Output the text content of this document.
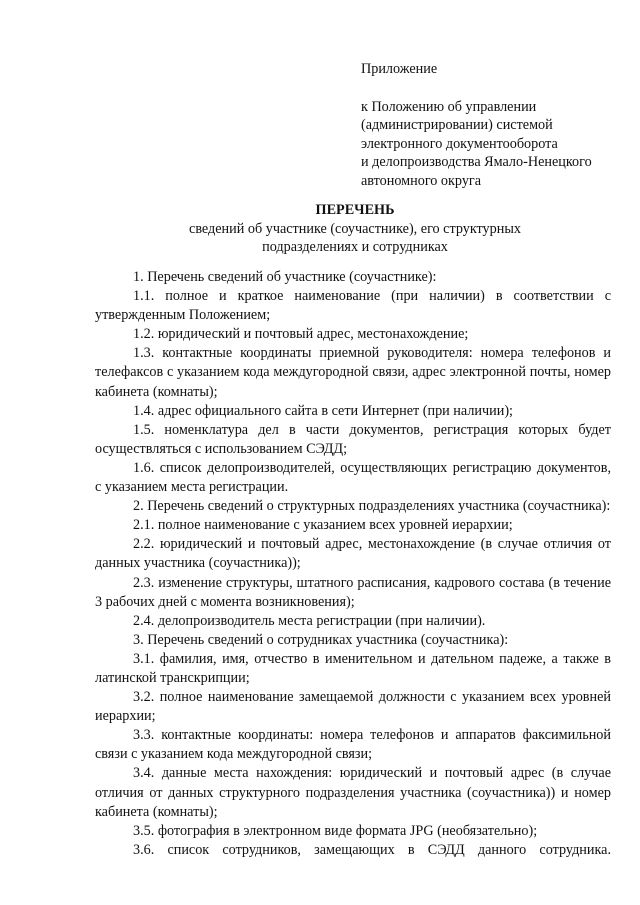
Приложение
к Положению об управлении
(администрировании) системой
электронного документооборота
и делопроизводства Ямало-Ненецкого
автономного округа
ПЕРЕЧЕНЬ
сведений об участнике (соучастнике), его структурных
подразделениях и сотрудниках

1. Перечень сведений об участнике (соучастнике):

1.1. полное и краткое наименование (при наличии) в соответствии с утвержденным Положением;

1.2. юридический и почтовый адрес, местонахождение;

1.3. контактные координаты приемной руководителя: номера телефонов и телефаксов с указанием кода междугородной связи, адрес электронной почты, номер кабинета (комнаты);

1.4. адрес официального сайта в сети Интернет (при наличии);

1.5. номенклатура дел в части документов, регистрация которых будет осуществляться с использованием СЭДД;

1.6. список делопроизводителей, осуществляющих регистрацию документов, с указанием места регистрации.

2. Перечень сведений о структурных подразделениях участника (соучастника):

2.1. полное наименование с указанием всех уровней иерархии;

2.2. юридический и почтовый адрес, местонахождение (в случае отличия от данных участника (соучастника));

2.3. изменение структуры, штатного расписания, кадрового состава (в течение 3 рабочих дней с момента возникновения);

2.4. делопроизводитель места регистрации (при наличии).

3. Перечень сведений о сотрудниках участника (соучастника):

3.1. фамилия, имя, отчество в именительном и дательном падеже, а также в латинской транскрипции;

3.2. полное наименование замещаемой должности с указанием всех уровней иерархии;

3.3. контактные координаты: номера телефонов и аппаратов факсимильной связи с указанием кода междугородной связи;

3.4. данные места нахождения: юридический и почтовый адрес (в случае отличия от данных структурного подразделения участника (соучастника)) и номер кабинета (комнаты);

3.5. фотография в электронном виде формата JPG (необязательно);

3.6. список сотрудников, замещающих в СЭДД данного сотрудника.
